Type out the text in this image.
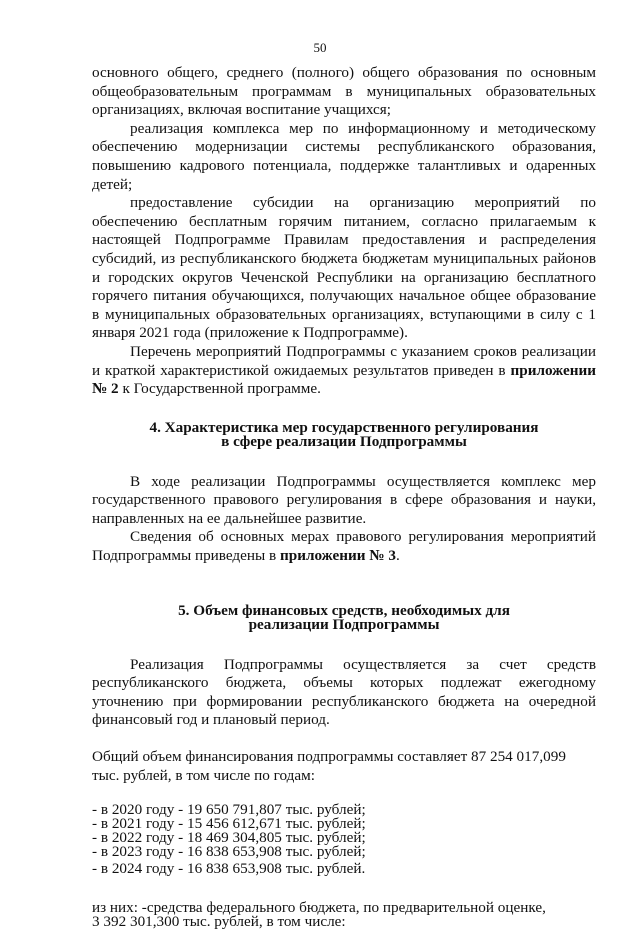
50

основного общего, среднего (полного) общего образования по основным общеобразовательным программам в муниципальных образовательных организациях, включая воспитание учащихся;

реализация комплекса мер по информационному и методическому обеспечению модернизации системы республиканского образования, повышению кадрового потенциала, поддержке талантливых и одаренных детей;

предоставление субсидии на организацию мероприятий по обеспечению бесплатным горячим питанием, согласно прилагаемым к настоящей Подпрограмме Правилам предоставления и распределения субсидий, из республиканского бюджета бюджетам муниципальных районов и городских округов Чеченской Республики на организацию бесплатного горячего питания обучающихся, получающих начальное общее образование в муниципальных образовательных организациях, вступающими в силу с 1 января 2021 года (приложение к Подпрограмме).

Перечень мероприятий Подпрограммы с указанием сроков реализации и краткой характеристикой ожидаемых результатов приведен в приложении № 2 к Государственной программе.

4. Характеристика мер государственного регулирования

в сфере реализации Подпрограммы

В ходе реализации Подпрограммы осуществляется комплекс мер государственного правового регулирования в сфере образования и науки, направленных на ее дальнейшее развитие.

Сведения об основных мерах правового регулирования мероприятий Подпрограммы приведены в приложении № 3.

5. Объем финансовых средств, необходимых для

реализации Подпрограммы

Реализация Подпрограммы осуществляется за счет средств республиканского бюджета, объемы которых подлежат ежегодному уточнению при формировании республиканского бюджета на очередной финансовый год и плановый период.

Общий объем финансирования подпрограммы составляет 87 254 017,099 тыс. рублей, в том числе по годам:

- в 2020 году - 19 650 791,807 тыс. рублей;

- в 2021 году - 15 456 612,671 тыс. рублей;

- в 2022 году - 18 469 304,805 тыс. рублей;

- в 2023 году - 16 838 653,908 тыс. рублей;

- в 2024 году - 16 838 653,908 тыс. рублей.

из них: -средства федерального бюджета, по предварительной оценке,

3 392 301,300 тыс. рублей, в том числе:
